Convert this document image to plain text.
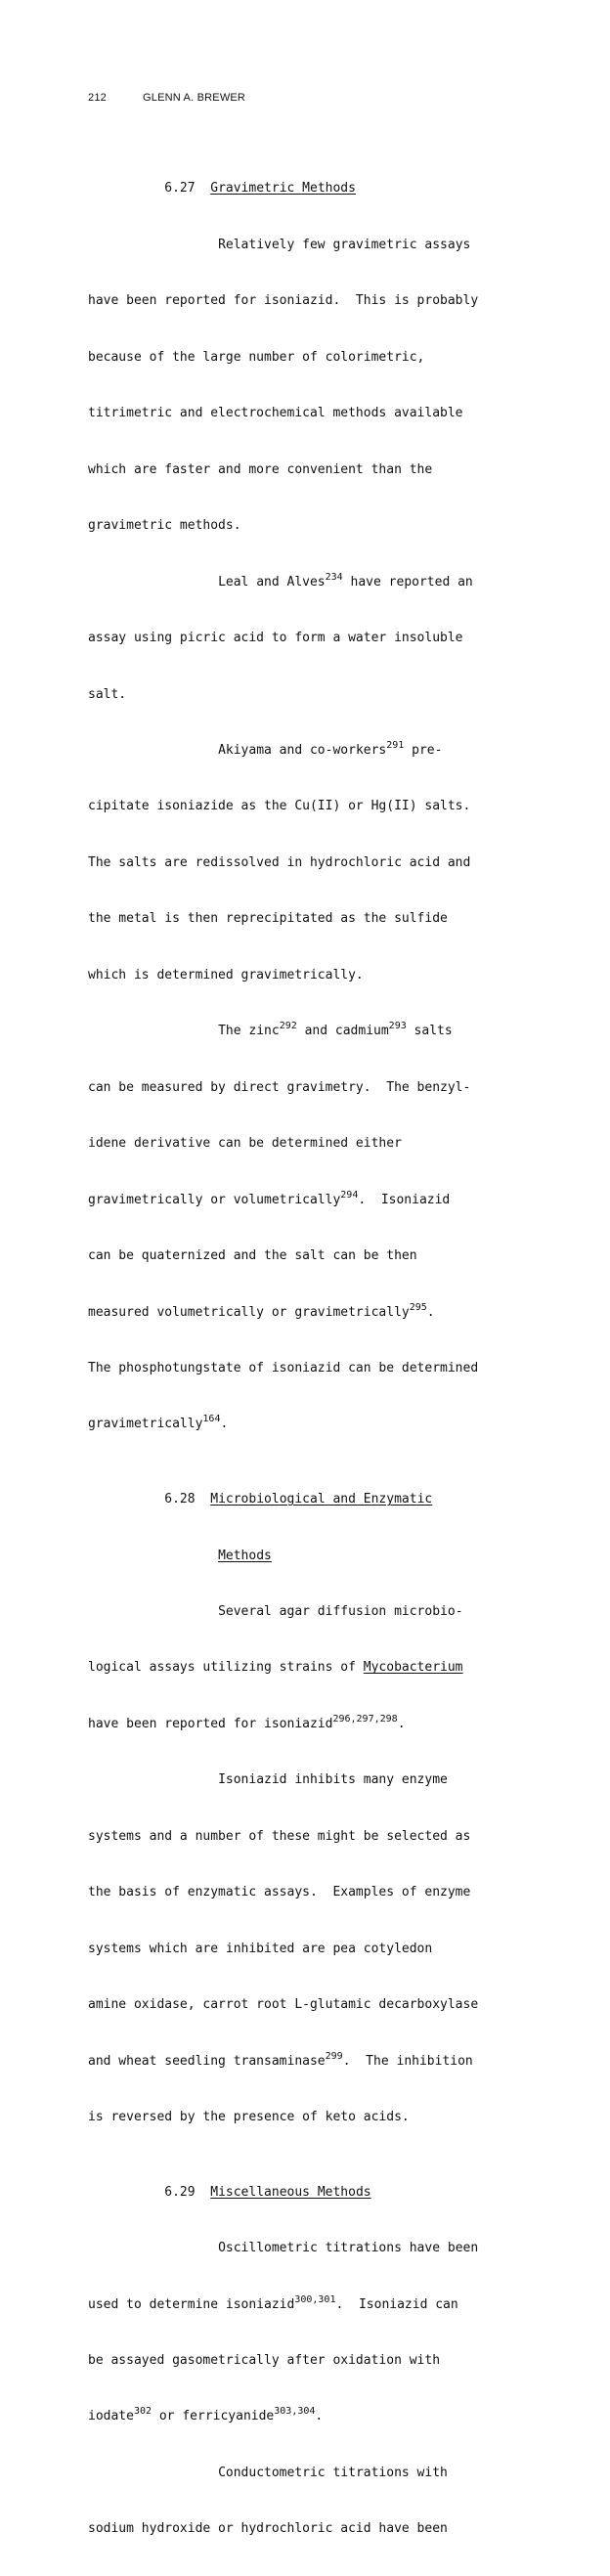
212	GLENN A. BREWER

6.27 Gravimetric Methods

Relatively few gravimetric assays

have been reported for isoniazid.  This is probably

because of the large number of colorimetric,

titrimetric and electrochemical methods available

which are faster and more convenient than the

gravimetric methods.

Leal and Alves$^{234}$ have reported an

assay using picric acid to form a water insoluble

salt.

Akiyama and co-workers$^{291}$ pre-

cipitate isoniazide as the Cu(II) or Hg(II) salts.

The salts are redissolved in hydrochloric acid and

the metal is then reprecipitated as the sulfide

which is determined gravimetrically.

The zinc$^{292}$ and cadmium$^{293}$ salts

can be measured by direct gravimetry.  The benzyl-

idene derivative can be determined either

gravimetrically or volumetrically$^{294}$.  Isoniazid

can be quaternized and the salt can be then

measured volumetrically or gravimetrically$^{295}$.

The phosphotungstate of isoniazid can be determined

gravimetrically$^{164}$.

6.28 Microbiological and Enzymatic

Methods

Several agar diffusion microbio-

logical assays utilizing strains of Mycobacterium

have been reported for isoniazid$^{296,297,298}$.

Isoniazid inhibits many enzyme

systems and a number of these might be selected as

the basis of enzymatic assays.  Examples of enzyme

systems which are inhibited are pea cotyledon

amine oxidase, carrot root L-glutamic decarboxylase

and wheat seedling transaminase$^{299}$.  The inhibition

is reversed by the presence of keto acids.

6.29 Miscellaneous Methods

Oscillometric titrations have been

used to determine isoniazid$^{300,301}$.  Isoniazid can

be assayed gasometrically after oxidation with

iodate$^{302}$ or ferricyanide$^{303,304}$.

Conductometric titrations with

sodium hydroxide or hydrochloric acid have been
